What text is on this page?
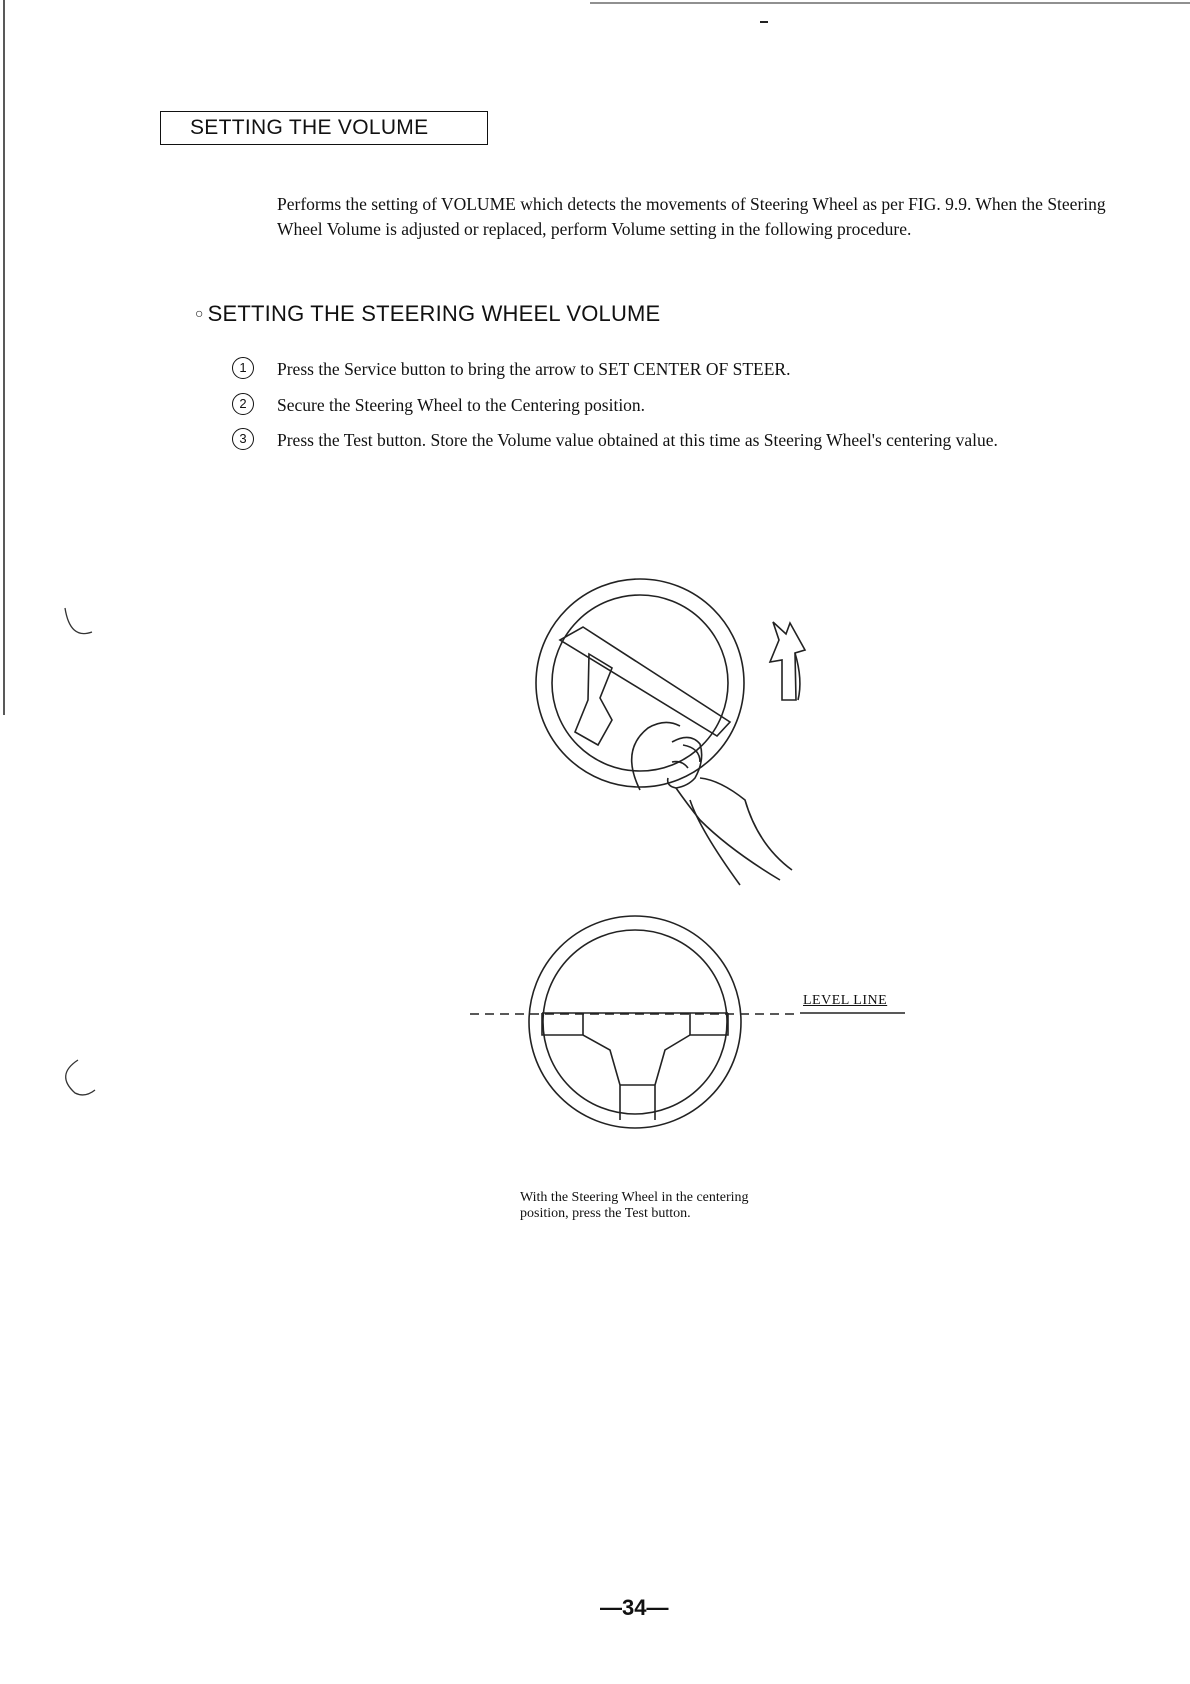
SETTING THE VOLUME
Performs the setting of VOLUME which detects the movements of Steering Wheel as per FIG. 9.9. When the Steering Wheel Volume is adjusted or replaced, perform Volume setting in the following procedure.
○ SETTING THE STEERING WHEEL VOLUME
1	Press the Service button to bring the arrow to SET CENTER OF STEER.
2	Secure the Steering Wheel to the Centering position.
3	Press the Test button. Store the Volume value obtained at this time as Steering Wheel's centering value.
LEVEL LINE
With the Steering Wheel in the centering position, press the Test button.
—34—
